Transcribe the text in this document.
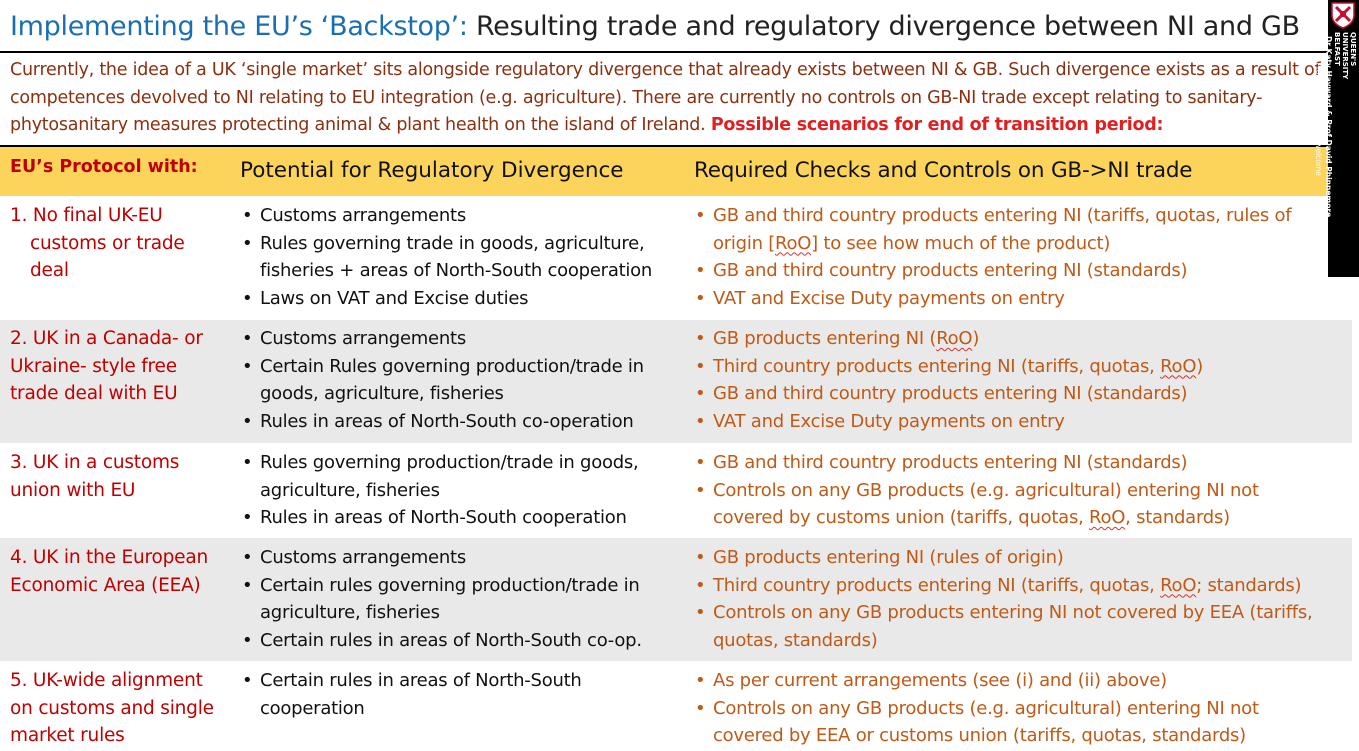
Implementing the EU’s ‘Backstop’: Resulting trade and regulatory divergence between NI and GB
Currently, the idea of a UK ‘single market’ sits alongside regulatory divergence that already exists between NI & GB. Such divergence exists as a result of competences devolved to NI relating to EU integration (e.g. agriculture). There are currently no controls on GB-NI trade except relating to sanitary-phytosanitary measures protecting animal & plant health on the island of Ireland. Possible scenarios for end of transition period:
EU’s Protocol with: Potential for Regulatory Divergence	Required Checks and Controls on GB->NI trade
1. No final UK-EU
customs or trade
deal
• Customs arrangements
• Rules governing trade in goods, agriculture, fisheries + areas of North-South cooperation
• Laws on VAT and Excise duties
• GB and third country products entering NI (tariffs, quotas, rules of origin [RoO] to see how much of the product)
• GB and third country products entering NI (standards)
• VAT and Excise Duty payments on entry
2. UK in a Canada- or Ukraine- style free trade deal with EU
• Customs arrangements
• Certain Rules governing production/trade in goods, agriculture, fisheries
• Rules in areas of North-South co-operation
• GB products entering NI (RoO)
• Third country products entering NI (tariffs, quotas, RoO)
• GB and third country products entering NI (standards)
• VAT and Excise Duty payments on entry
3. UK in a customs union with EU
• Rules governing production/trade in goods, agriculture, fisheries
• Rules in areas of North-South cooperation
• GB and third country products entering NI (standards)
• Controls on any GB products (e.g. agricultural) entering NI not covered by customs union (tariffs, quotas, RoO, standards)
4. UK in the European Economic Area (EEA)
• Customs arrangements
• Certain rules governing production/trade in agriculture, fisheries
• Certain rules in areas of North-South co-op.
• GB products entering NI (rules of origin)
• Third country products entering NI (tariffs, quotas, RoO; standards)
• Controls on any GB products entering NI not covered by EEA (tariffs, quotas, standards)
5. UK-wide alignment on customs and single market rules
• Certain rules in areas of North-South cooperation
• As per current arrangements (see (i) and (ii) above)
• Controls on any GB products (e.g. agricultural) entering NI not covered by EEA or customs union (tariffs, quotas, standards)
QUEEN'S
UNIVERSITY
BELFAST
Dr Katy Hayward & Prof David Phinnemore
Work in Progress. Comments welcome
